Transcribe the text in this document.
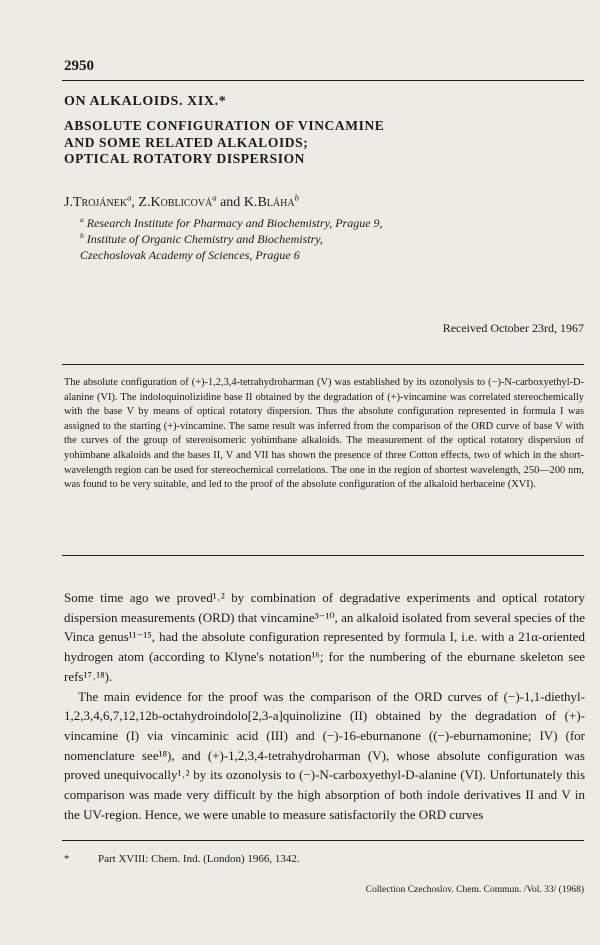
2950
ON ALKALOIDS. XIX.*
ABSOLUTE CONFIGURATION OF VINCAMINE
AND SOME RELATED ALKALOIDS;
OPTICAL ROTATORY DISPERSION
J.Trojánek$^a$, Z.Koblicová$^a$ and K.Bláha$^b$
$^a$ Research Institute for Pharmacy and Biochemistry, Prague 9,
$^b$ Institute of Organic Chemistry and Biochemistry,
Czechoslovak Academy of Sciences, Prague 6
Received October 23rd, 1967

The absolute configuration of (+)-1,2,3,4-tetrahydroharman (V) was established by its ozonolysis to (−)-N-carboxyethyl-D-alanine (VI). The indoloquinolizidine base II obtained by the degradation of (+)-vincamine was correlated stereochemically with the base V by means of optical rotatory dispersion. Thus the absolute configuration represented in formula I was assigned to the starting (+)-vincamine. The same result was inferred from the comparison of the ORD curve of base V with the curves of the group of stereoisomeric yohimbane alkaloids. The measurement of the optical rotatory dispersion of yohimbane alkaloids and the bases II, V and VII has shown the presence of three Cotton effects, two of which in the short-wavelength region can be used for stereochemical correlations. The one in the region of shortest wavelength, 250—200 nm, was found to be very suitable, and led to the proof of the absolute configuration of the alkaloid herbaceine (XVI).

Some time ago we proved¹˒² by combination of degradative experiments and optical rotatory dispersion measurements (ORD) that vincamine³⁻¹⁰, an alkaloid isolated from several species of the Vinca genus¹¹⁻¹⁵, had the absolute configuration represented by formula I, i.e. with a 21α-oriented hydrogen atom (according to Klyne's notation¹⁶; for the numbering of the eburnane skeleton see refs¹⁷˒¹⁸).

The main evidence for the proof was the comparison of the ORD curves of (−)-1,1-diethyl-1,2,3,4,6,7,12,12b-octahydroindolo[2,3-a]quinolizine (II) obtained by the degradation of (+)-vincamine (I) via vincaminic acid (III) and (−)-16-eburnanone ((−)-eburnamonine; IV) (for nomenclature see¹⁸), and (+)-1,2,3,4-tetrahydroharman (V), whose absolute configuration was proved unequivocally¹˒² by its ozonolysis to (−)-N-carboxyethyl-D-alanine (VI). Unfortunately this comparison was made very difficult by the high absorption of both indole derivatives II and V in the UV-region. Hence, we were unable to measure satisfactorily the ORD curves

*	Part XVIII: Chem. Ind. (London) 1966, 1342.
Collection Czechoslov. Chem. Commun. /Vol. 33/ (1968)
